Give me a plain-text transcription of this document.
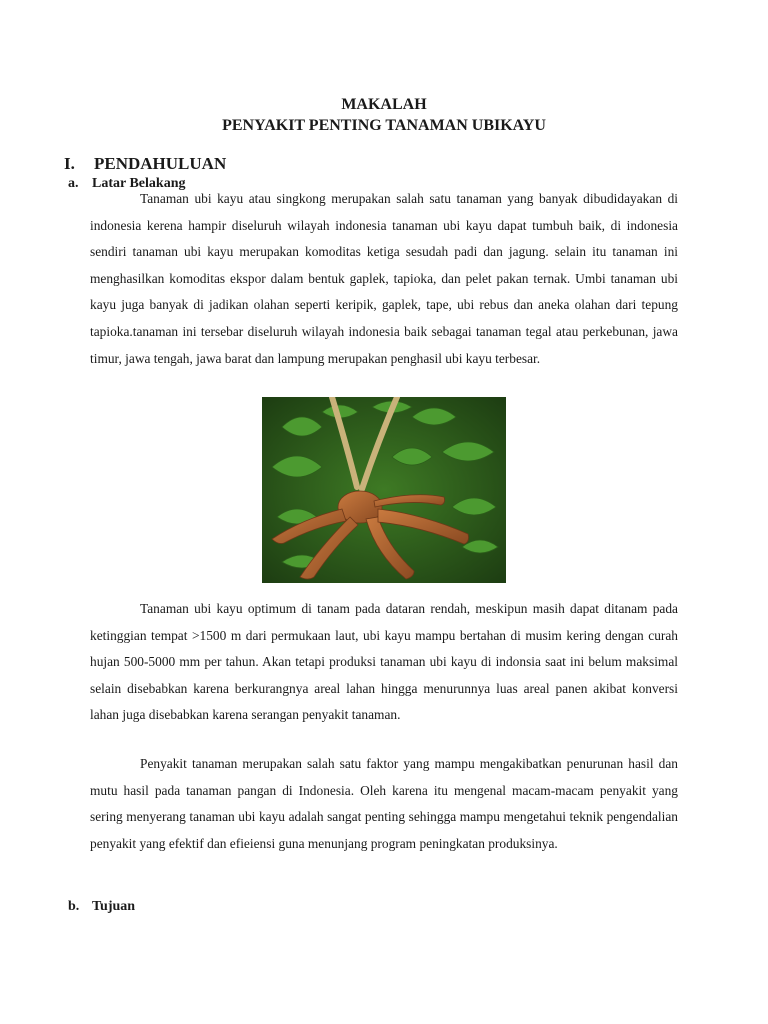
MAKALAH
PENYAKIT PENTING TANAMAN UBIKAYU
I. PENDAHULUAN
a. Latar Belakang

Tanaman ubi kayu atau singkong merupakan salah satu tanaman yang banyak dibudidayakan di indonesia kerena hampir diseluruh wilayah indonesia tanaman ubi kayu dapat tumbuh baik, di indonesia sendiri tanaman ubi kayu merupakan komoditas ketiga sesudah padi dan jagung. selain itu tanaman ini menghasilkan komoditas ekspor dalam bentuk gaplek, tapioka, dan pelet pakan ternak. Umbi tanaman ubi kayu juga banyak di jadikan olahan seperti keripik, gaplek, tape, ubi rebus dan aneka olahan dari tepung tapioka.tanaman ini tersebar diseluruh wilayah indonesia baik sebagai tanaman tegal atau perkebunan, jawa timur, jawa tengah, jawa barat dan lampung merupakan penghasil ubi kayu terbesar.

Tanaman ubi kayu optimum di tanam pada dataran rendah, meskipun masih dapat ditanam pada ketinggian tempat >1500 m dari permukaan laut, ubi kayu mampu bertahan di musim kering dengan curah hujan 500-5000 mm per tahun. Akan tetapi produksi tanaman ubi kayu di indonsia saat ini belum maksimal selain disebabkan karena berkurangnya areal lahan hingga menurunnya luas areal panen akibat konversi lahan juga disebabkan karena serangan penyakit tanaman.

Penyakit tanaman merupakan salah satu faktor yang mampu mengakibatkan penurunan hasil dan mutu hasil pada tanaman pangan di Indonesia. Oleh karena itu mengenal macam-macam penyakit yang sering menyerang tanaman ubi kayu adalah sangat penting sehingga mampu mengetahui teknik pengendalian penyakit yang efektif dan efieiensi guna menunjang program peningkatan produksinya.

b. Tujuan
